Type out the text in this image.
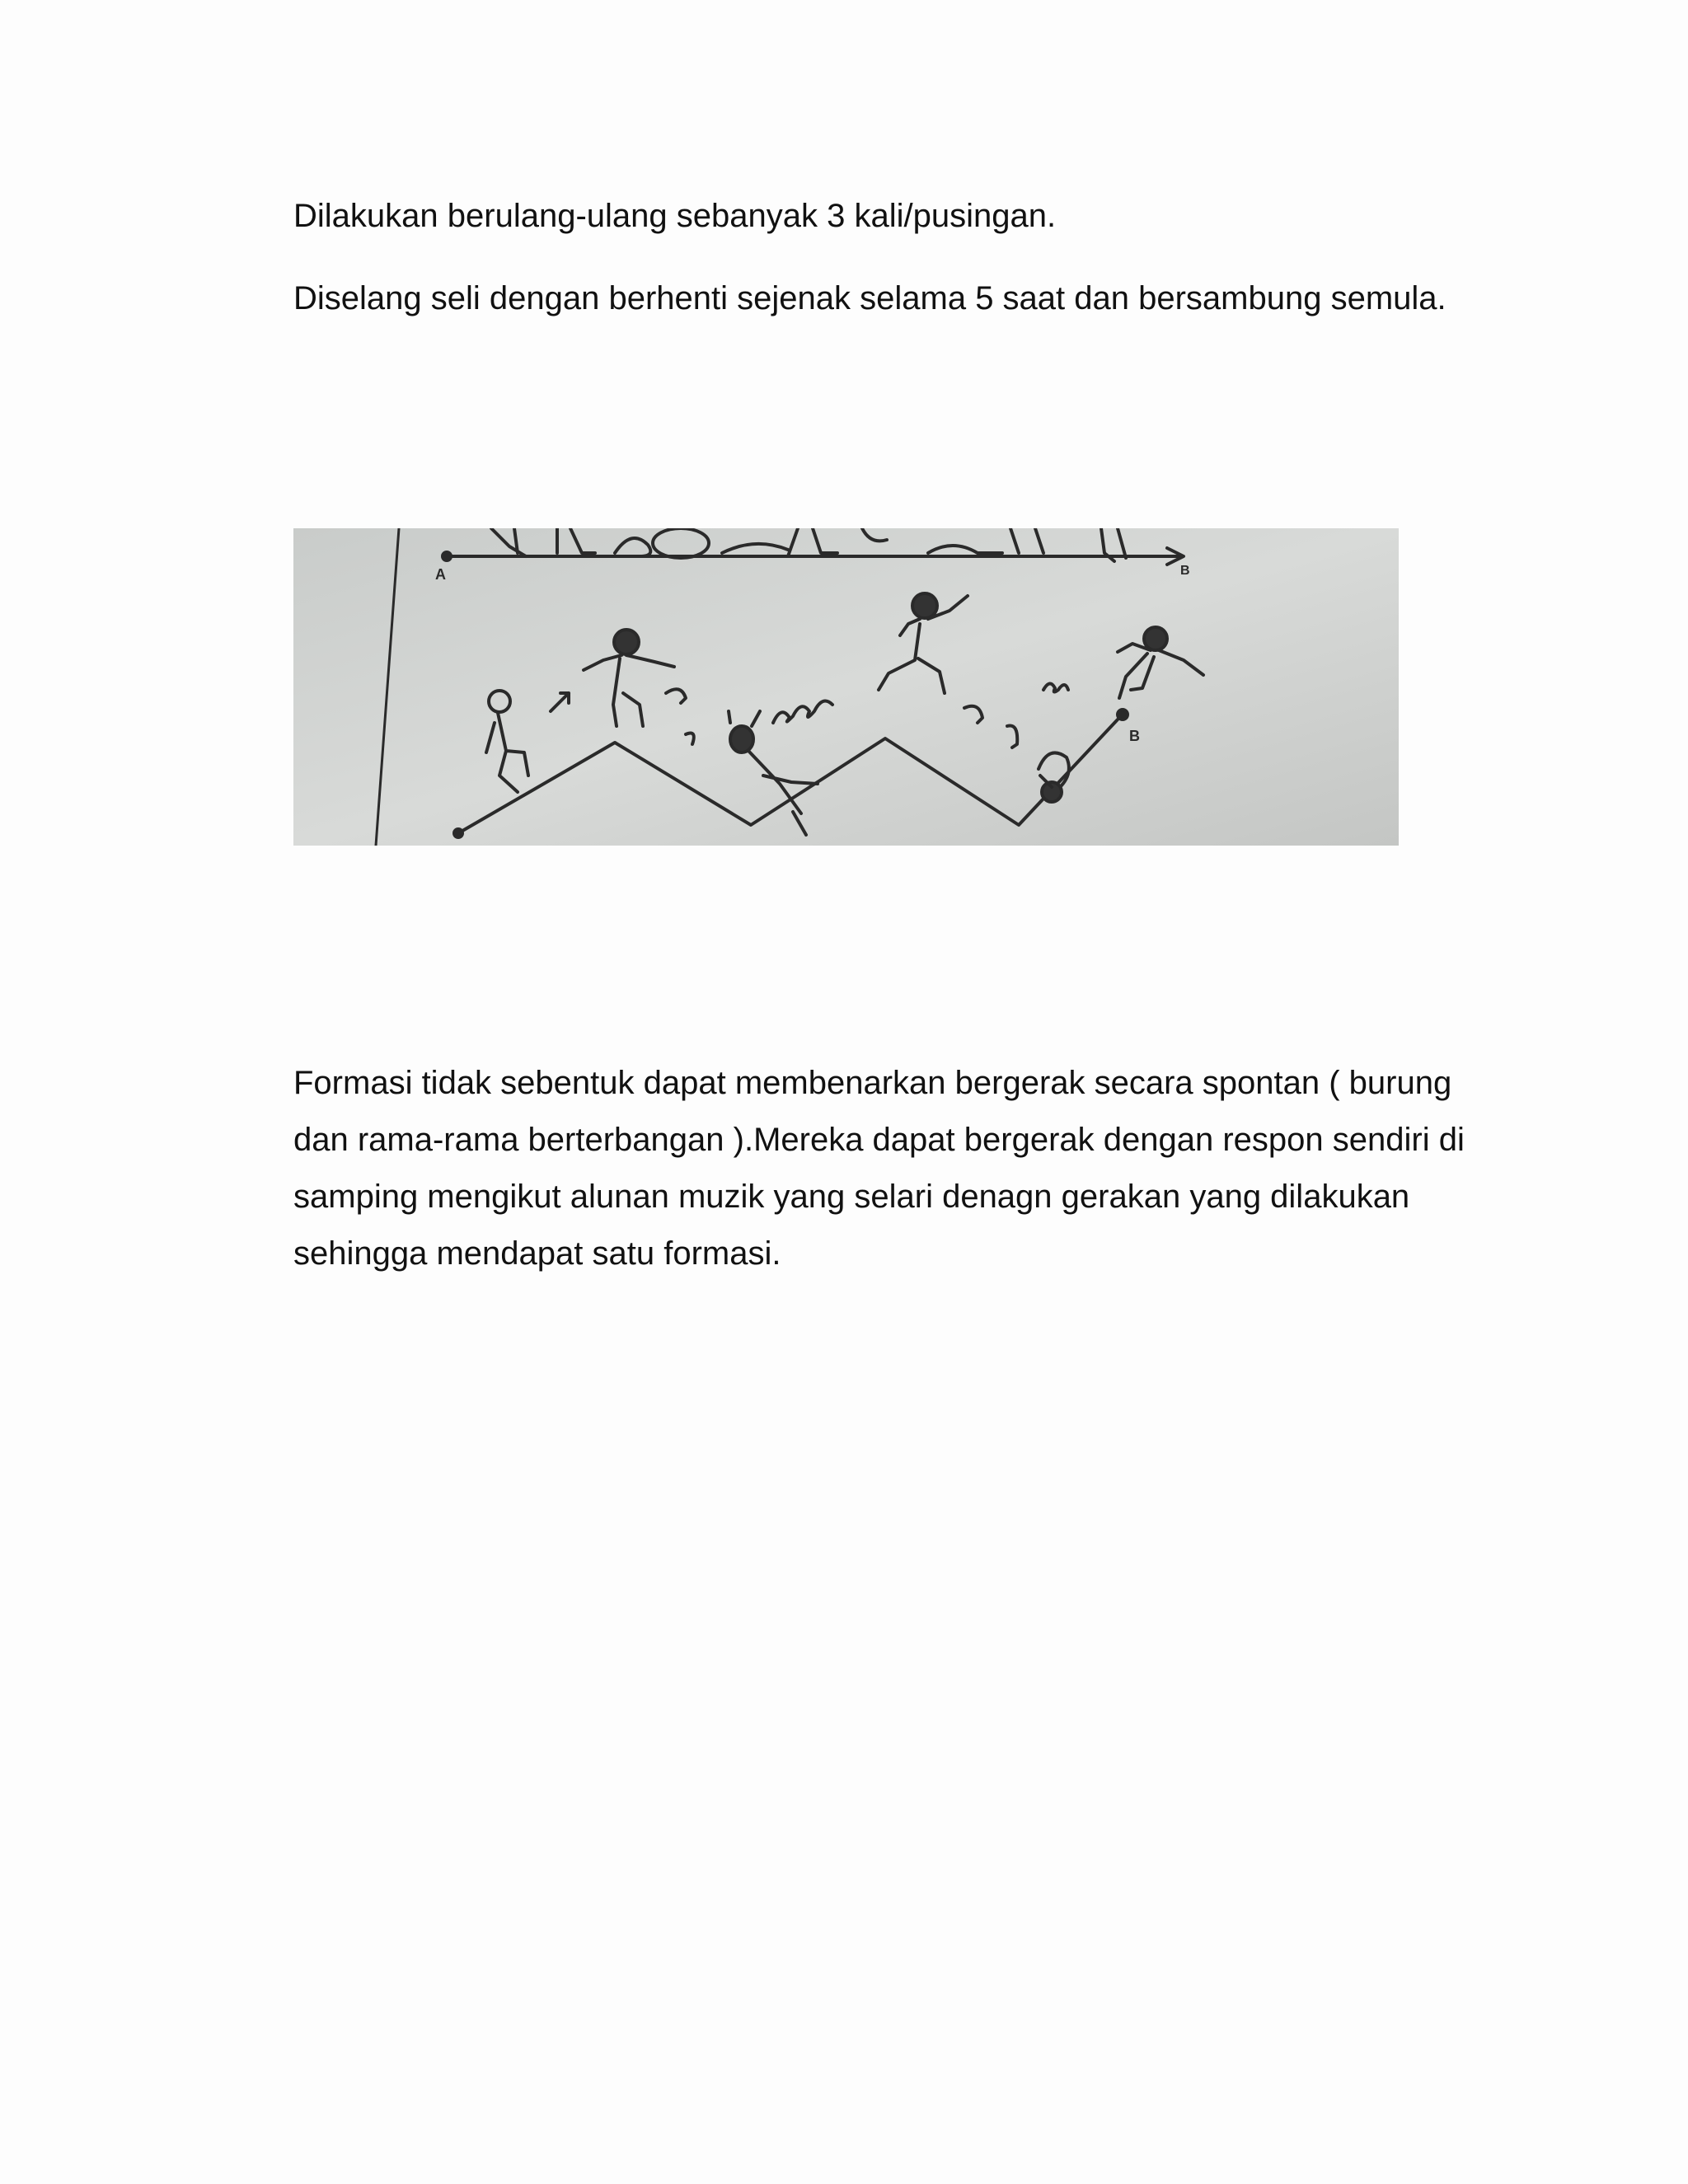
Dilakukan berulang-ulang sebanyak 3 kali/pusingan.

Diselang seli dengan berhenti sejenak selama 5 saat dan bersambung semula.

A	B
B
Formasi tidak sebentuk dapat membenarkan bergerak secara spontan ( burung
dan rama-rama berterbangan ).Mereka dapat bergerak dengan respon sendiri di
samping mengikut alunan muzik yang selari denagn gerakan yang dilakukan
sehingga mendapat satu formasi.
